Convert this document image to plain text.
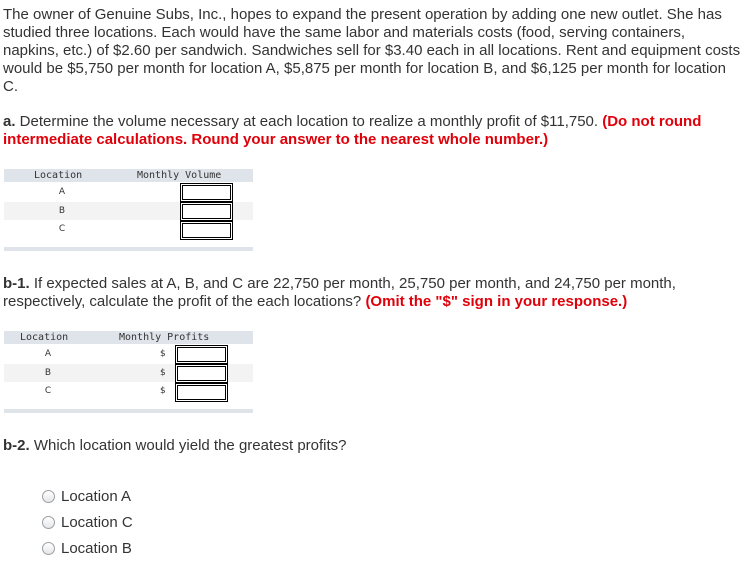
The owner of Genuine Subs, Inc., hopes to expand the present operation by adding one new outlet. She has studied three locations. Each would have the same labor and materials costs (food, serving containers, napkins, etc.) of $2.60 per sandwich. Sandwiches sell for $3.40 each in all locations. Rent and equipment costs would be $5,750 per month for location A, $5,875 per month for location B, and $6,125 per month for location C.
a. Determine the volume necessary at each location to realize a monthly profit of $11,750. (Do not round intermediate calculations. Round your answer to the nearest whole number.)
Location	Monthly Volume
A
B
C
b-1. If expected sales at A, B, and C are 22,750 per month, 25,750 per month, and 24,750 per month, respectively, calculate the profit of the each locations? (Omit the "$" sign in your response.)
Location	Monthly Profits
A
B
C
$
$
$
b-2. Which location would yield the greatest profits?
Location A
Location C
Location B
